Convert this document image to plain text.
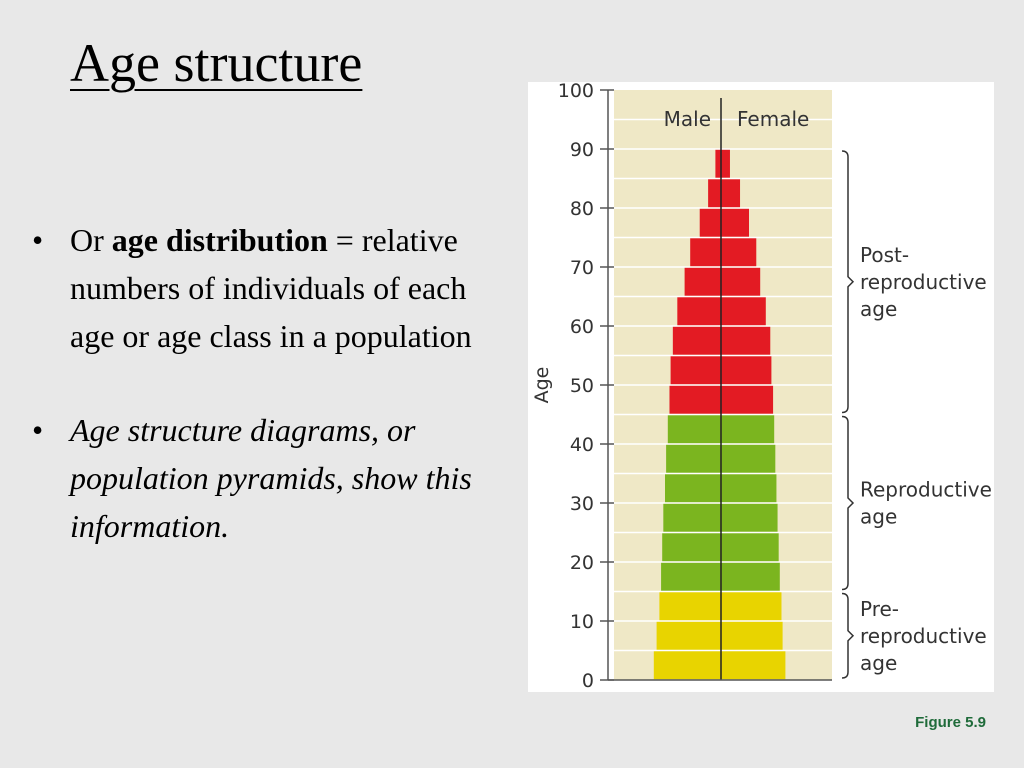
Age structure
• Or age distribution = relative numbers of individuals of each age or age class in a population
• Age structure diagrams, or population pyramids, show this information.
0
10
20
30
40
50
60
70
80
90
100
Age
Male Female
Post-
reproductive
age
Reproductive
age
Pre-
reproductive
age
Figure 5.9
